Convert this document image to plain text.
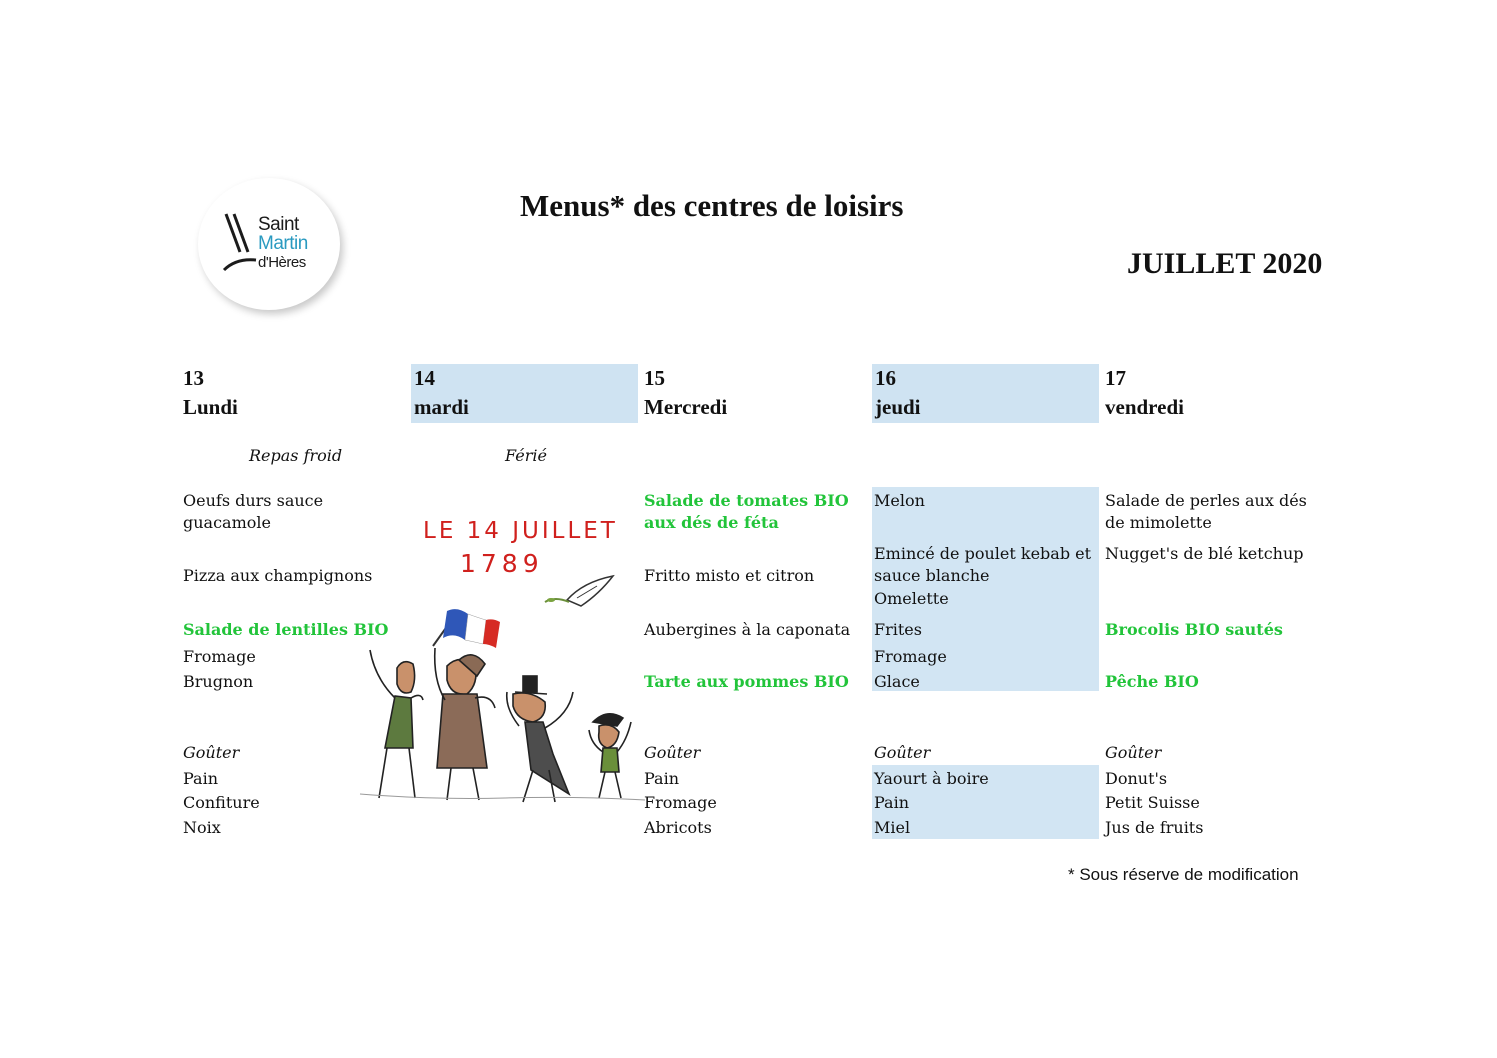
Saint
Martin
d'Hères
Menus* des centres de loisirs
JUILLET 2020
13
Lundi
14
mardi
15
Mercredi
16
jeudi
17
vendredi
Repas froid	Férié
Oeufs durs sauce guacamole
Pizza aux champignons
Salade de lentilles BIO
Fromage
Brugnon
Goûter
Pain
Confiture
Noix
Salade de tomates BIO aux dés de féta
Fritto misto et citron
Aubergines à la caponata
Tarte aux pommes BIO
Goûter
Pain
Fromage
Abricots
Melon
Emincé de poulet kebab et sauce blanche
Omelette
Frites
Fromage
Glace
Goûter
Yaourt à boire
Pain
Miel
Salade de perles aux dés de mimolette
Nugget's de blé ketchup
Brocolis BIO sautés
Pêche BIO
Goûter
Donut's
Petit Suisse
Jus de fruits
LE 14 JUILLET
1789
* Sous réserve de modification
